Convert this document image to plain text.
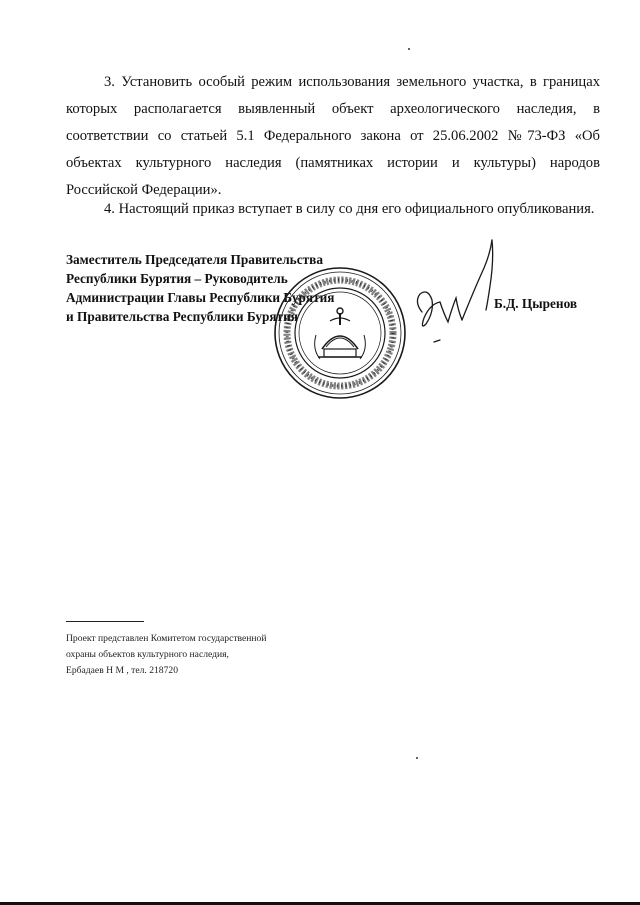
3. Установить особый режим использования земельного участка, в границах которых располагается выявленный объект археологического наследия, в соответствии со статьей 5.1 Федерального закона от 25.06.2002 №73-ФЗ «Об объектах культурного наследия (памятниках истории и культуры) народов Российской Федерации».

4. Настоящий приказ вступает в силу со дня его официального опубликования.

Заместитель Председателя Правительства
Республики Бурятия – Руководитель
Администрации Главы Республики Бурятия
и Правительства Республики Бурятия
Б.Д. Цыренов
Проект представлен Комитетом государственной
охраны объектов культурного наследия,
Ербадаев Н М , тел. 218720
